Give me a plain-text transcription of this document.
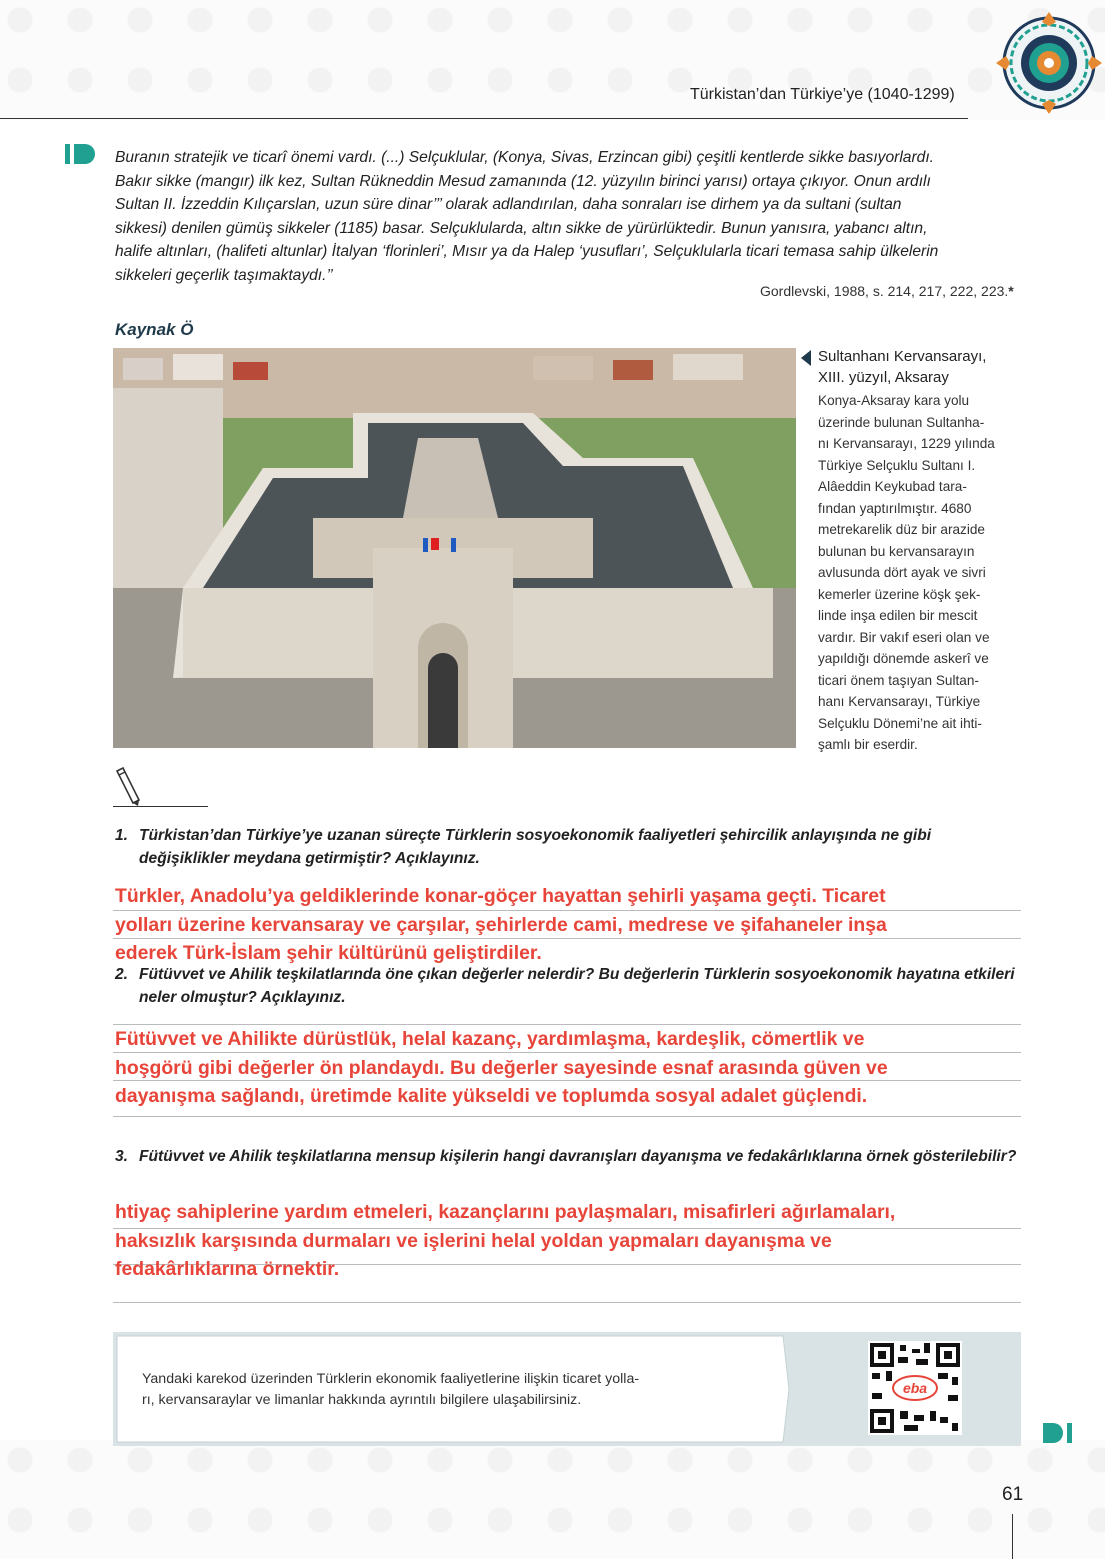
Türkistan’dan Türkiye’ye (1040-1299)
Buranın stratejik ve ticarî önemi vardı. (...) Selçuklular, (Konya, Sivas, Erzincan gibi) çeşitli kentlerde sikke basıyorlardı.
Bakır sikke (mangır) ilk kez, Sultan Rükneddin Mesud zamanında (12. yüzyılın birinci yarısı) ortaya çıkıyor. Onun ardılı
Sultan II. İzzeddin Kılıçarslan, uzun süre dinar’’’ olarak adlandırılan, daha sonraları ise dirhem ya da sultani (sultan
sikkesi) denilen gümüş sikkeler (1185) basar. Selçuklularda, altın sikke de yürürlüktedir. Bunun yanısıra, yabancı altın,
halife altınları, (halifeti altunlar) İtalyan ‘florinleri’, Mısır ya da Halep ‘yusufları’, Selçuklularla ticari temasa sahip ülkelerin
sikkeleri geçerlik taşımaktaydı.’’
Gordlevski, 1988, s. 214, 217, 222, 223.*
Kaynak Ö
Sultanhanı Kervansarayı,
XIII. yüzyıl, Aksaray
Konya-Aksaray kara yolu
üzerinde bulunan Sultanha-
nı Kervansarayı, 1229 yılında
Türkiye Selçuklu Sultanı I.
Alâeddin Keykubad tara-
fından yaptırılmıştır. 4680
metrekarelik düz bir arazide
bulunan bu kervansarayın
avlusunda dört ayak ve sivri
kemerler üzerine köşk şek-
linde inşa edilen bir mescit
vardır. Bir vakıf eseri olan ve
yapıldığı dönemde askerî ve
ticari önem taşıyan Sultan-
hanı Kervansarayı, Türkiye
Selçuklu Dönemi’ne ait ihti-
şamlı bir eserdir.
1. Türkistan’dan Türkiye’ye uzanan süreçte Türklerin sosyoekonomik faaliyetleri şehircilik anlayışında ne gibi değişiklikler meydana getirmiştir? Açıklayınız.
Türkler, Anadolu’ya geldiklerinde konar-göçer hayattan şehirli yaşama geçti. Ticaret
yolları üzerine kervansaray ve çarşılar, şehirlerde cami, medrese ve şifahaneler inşa
ederek Türk-İslam şehir kültürünü geliştirdiler.
2. Fütüvvet ve Ahilik teşkilatlarında öne çıkan değerler nelerdir? Bu değerlerin Türklerin sosyoekonomik hayatına etkileri neler olmuştur? Açıklayınız.
Fütüvvet ve Ahilikte dürüstlük, helal kazanç, yardımlaşma, kardeşlik, cömertlik ve
hoşgörü gibi değerler ön plandaydı. Bu değerler sayesinde esnaf arasında güven ve
dayanışma sağlandı, üretimde kalite yükseldi ve toplumda sosyal adalet güçlendi.
3. Fütüvvet ve Ahilik teşkilatlarına mensup kişilerin hangi davranışları dayanışma ve fedakârlıklarına örnek gösterilebilir?
htiyaç sahiplerine yardım etmeleri, kazançlarını paylaşmaları, misafirleri ağırlamaları,
haksızlık karşısında durmaları ve işlerini helal yoldan yapmaları dayanışma ve
fedakârlıklarına örnektir.
Yandaki karekod üzerinden Türklerin ekonomik faaliyetlerine ilişkin ticaret yolla-
rı, kervansaraylar ve limanlar hakkında ayrıntılı bilgilere ulaşabilirsiniz.
eba
61
